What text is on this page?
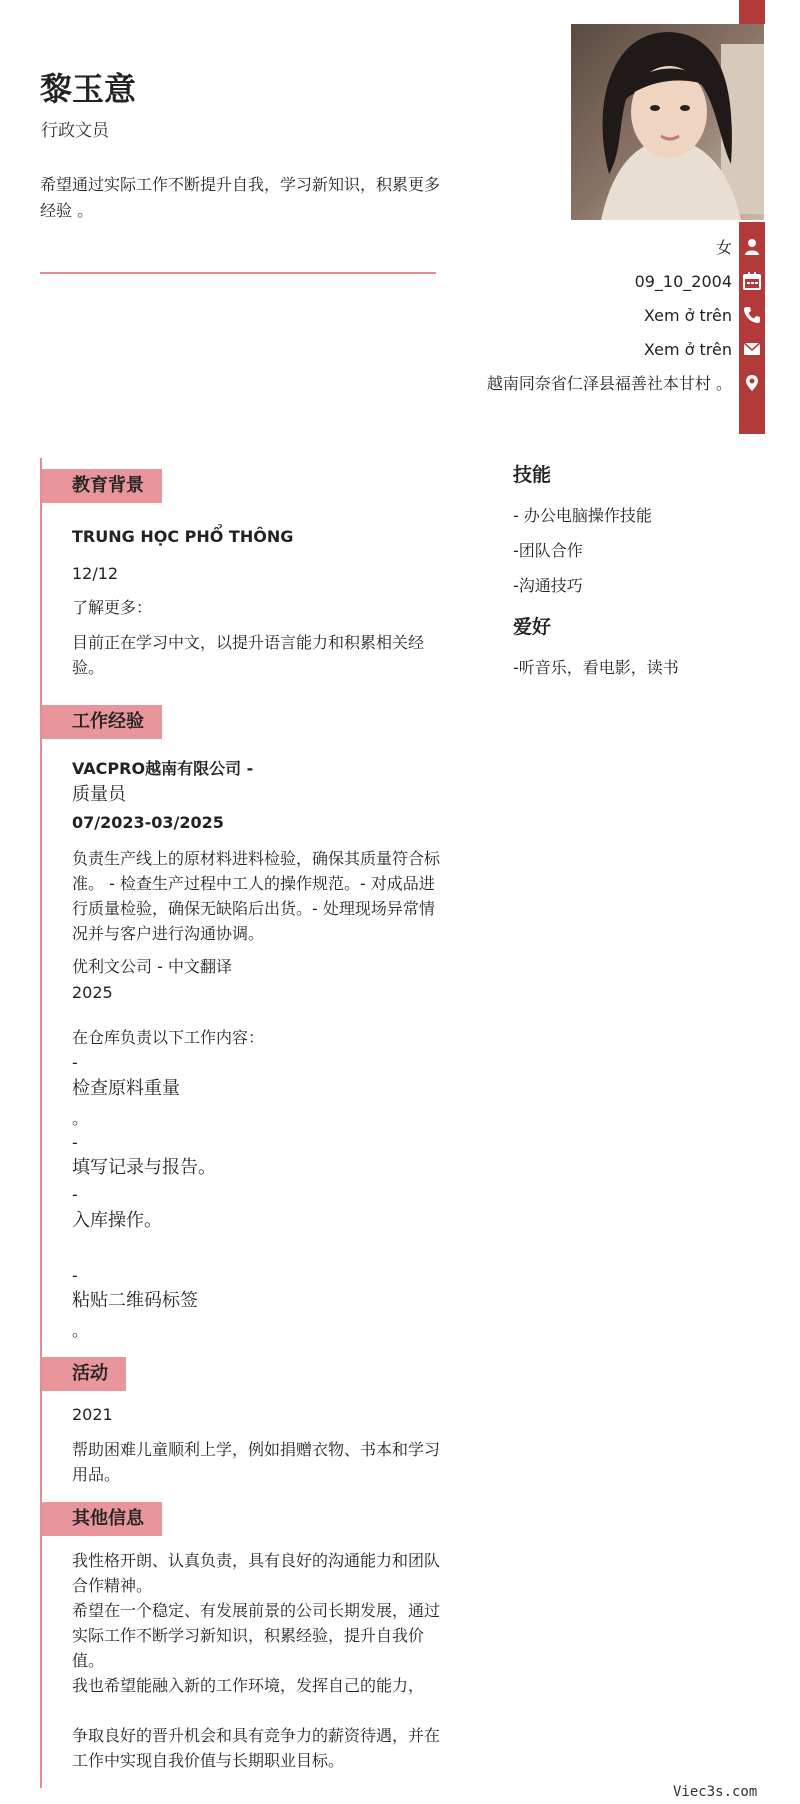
黎玉意
行政文员
希望通过实际工作不断提升自我，学习新知识，积累更多经验 。
女
09_10_2004
Xem ở trên
Xem ở trên
越南同奈省仁泽县福善社本甘村 。
教育背景
TRUNG HỌC PHỔ THÔNG
12/12
了解更多：
目前正在学习中文，以提升语言能力和积累相关经验。
工作经验
VACPRO越南有限公司 -
质量员
07/2023-03/2025
负责生产线上的原材料进料检验，确保其质量符合标准。 - 检查生产过程中工人的操作规范。- 对成品进行质量检验，确保无缺陷后出货。- 处理现场异常情况并与客户进行沟通协调。
优利文公司 - 中文翻译
2025
在仓库负责以下工作内容：
-
检查原料重量
。
-
填写记录与报告。
-
入库操作。
-
粘贴二维码标签
。
活动
2021
帮助困难儿童顺利上学，例如捐赠衣物、书本和学习用品。
其他信息
我性格开朗、认真负责，具有良好的沟通能力和团队合作精神。
希望在一个稳定、有发展前景的公司长期发展，通过实际工作不断学习新知识，积累经验，提升自我价值。
我也希望能融入新的工作环境，发挥自己的能力，
争取良好的晋升机会和具有竞争力的薪资待遇，并在工作中实现自我价值与长期职业目标。
技能
- 办公电脑操作技能
-团队合作
-沟通技巧
爱好
-听音乐，看电影，读书
Viec3s.com
